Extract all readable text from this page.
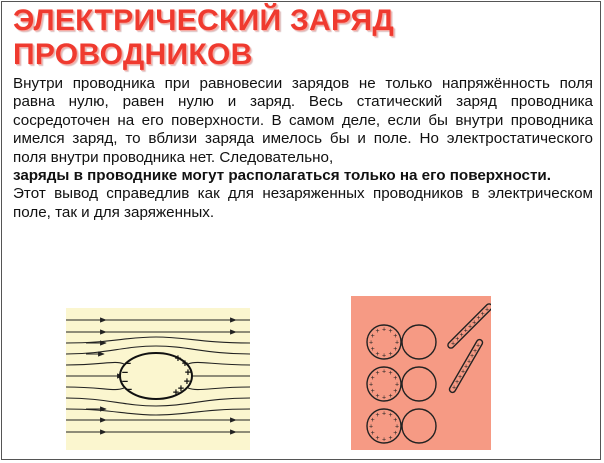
ЭЛЕКТРИЧЕСКИЙ ЗАРЯД
ПРОВОДНИКОВ

Внутри проводника при равновесии зарядов не только напряжённость поля равна нулю, равен нулю и заряд. Весь статический заряд проводника сосредоточен на его поверхности. В самом деле, если бы внутри проводника имелся заряд, то вблизи заряда имелось бы и поле. Но электростатического поля внутри проводника нет. Следовательно,

заряды в проводнике могут располагаться только на его поверхности.

Этот вывод справедлив как для незаряженных проводников в электрическом поле, так и для заряженных.

−
−
−
−
+ +
+
+
+
+
+
+
+
+
+
+
+
+
+ + +
+
+
+
+
+
+
+
+
+
+ + +
+
+
+
+
+
+
+
+
+
+ + +
+
+
+
+
+
+
+
+
+
+	+
+
+
+
+
+
+
+
+
